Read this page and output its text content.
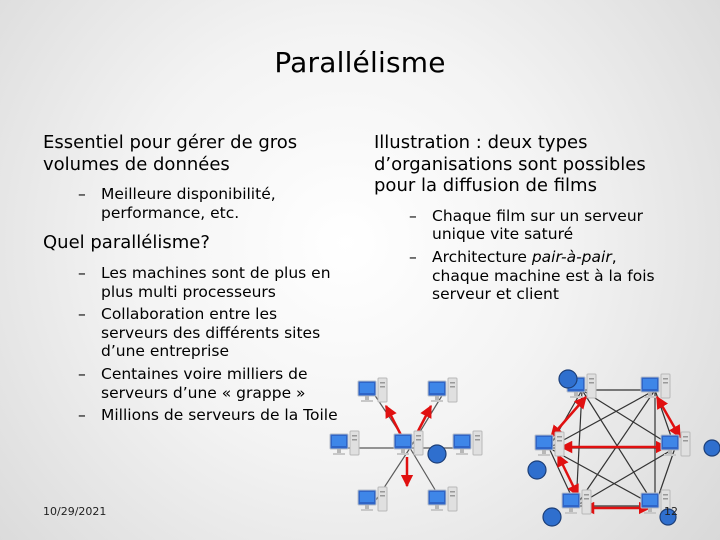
Parallélisme
Essentiel pour gérer de gros volumes de données
– Meilleure disponibilité, performance, etc.
Quel parallélisme?
– Les machines sont de plus en plus multi processeurs
– Collaboration entre les serveurs des différents sites d’une entreprise
– Centaines voire milliers de serveurs d’une « grappe »
– Millions de serveurs de la Toile
Illustration : deux types d’organisations sont possibles pour la diffusion de films
– Chaque film sur un serveur unique vite saturé
– Architecture pair-à-pair, chaque machine est à la fois serveur et client
10/29/2021	12
